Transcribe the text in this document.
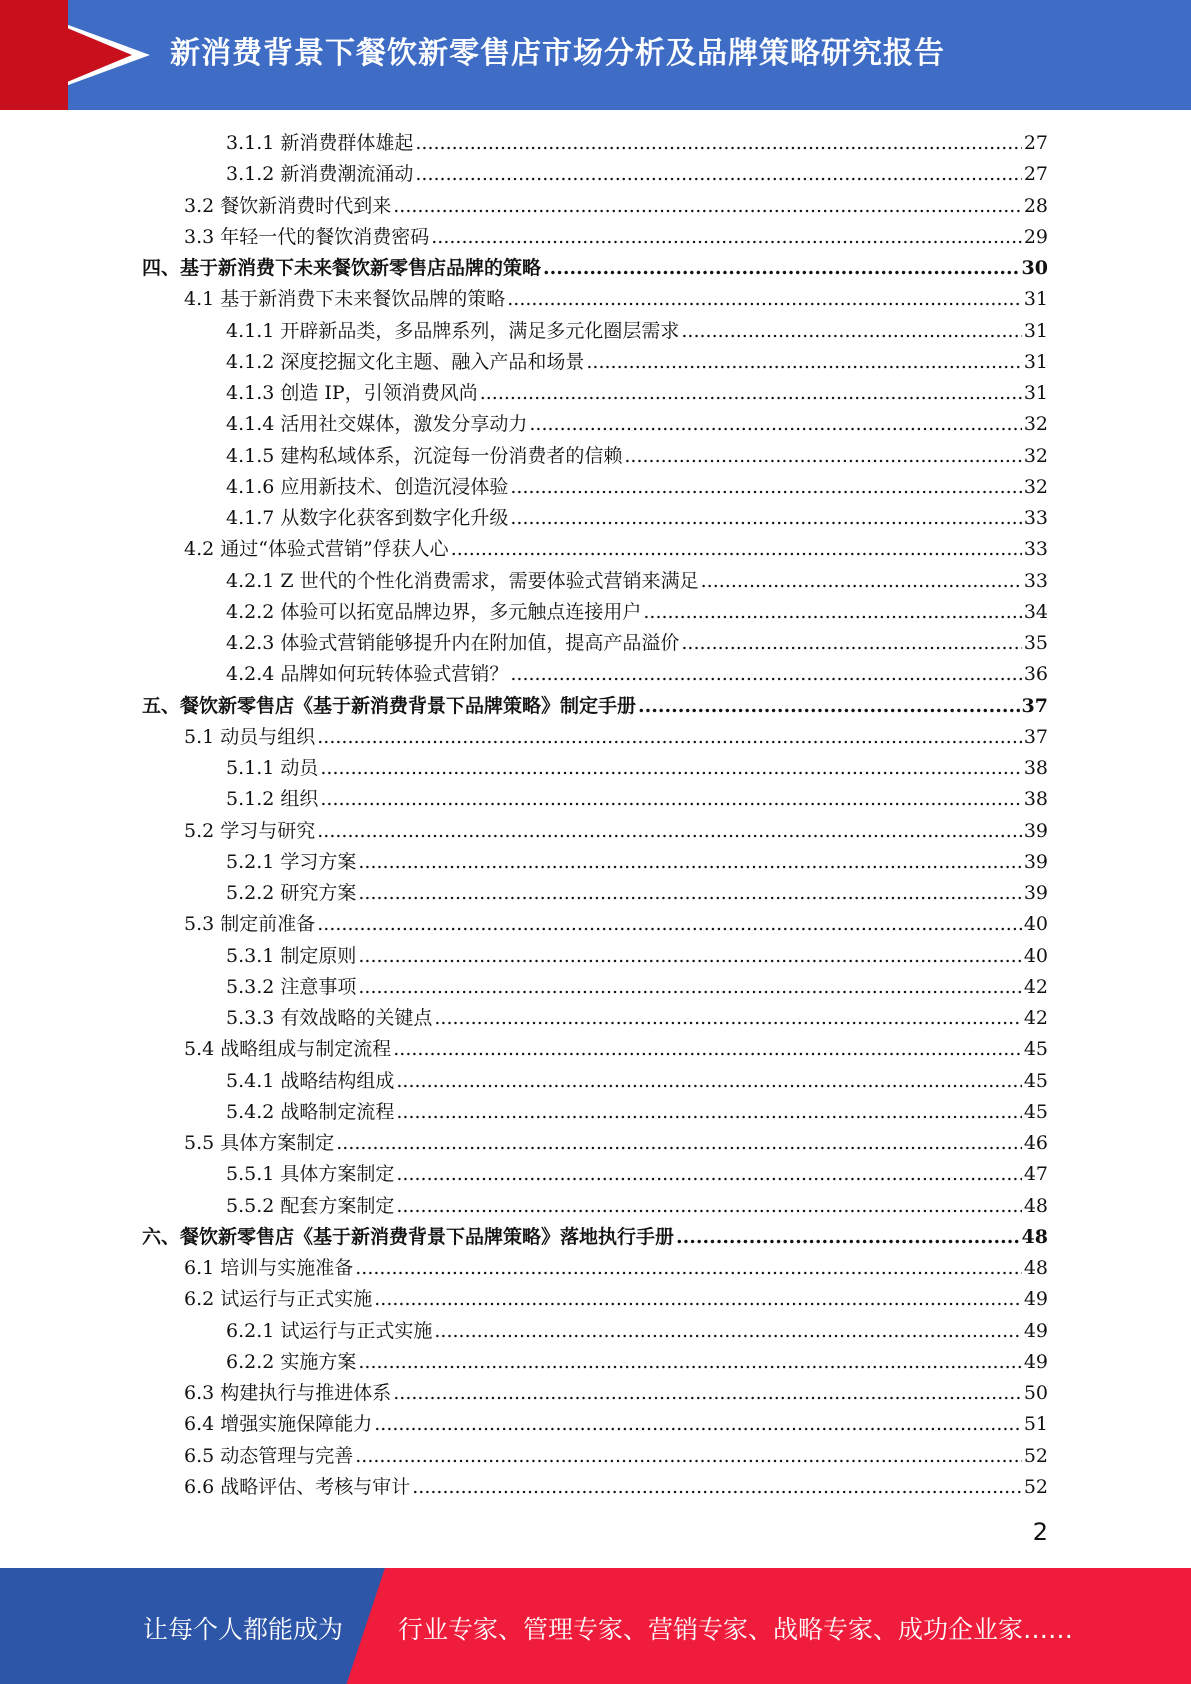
新消费背景下餐饮新零售店市场分析及品牌策略研究报告
3.1.1 新消费群体雄起 .....	27
3.1.2 新消费潮流涌动 .....	27
3.2 餐饮新消费时代到来 .....	28
3.3 年轻一代的餐饮消费密码 .....	29
四、基于新消费下未来餐饮新零售店品牌的策略 .....	30
4.1 基于新消费下未来餐饮品牌的策略 .....	31
4.1.1 开辟新品类，多品牌系列，满足多元化圈层需求 .....	31
4.1.2 深度挖掘文化主题、融入产品和场景 .....	31
4.1.3 创造 IP，引领消费风尚 .....	31
4.1.4 活用社交媒体，激发分享动力 .....	32
4.1.5 建构私域体系，沉淀每一份消费者的信赖 .....	32
4.1.6 应用新技术、创造沉浸体验 .....	32
4.1.7 从数字化获客到数字化升级 .....	33
4.2 通过“体验式营销”俘获人心 .....	33
4.2.1 Z 世代的个性化消费需求，需要体验式营销来满足 .....	33
4.2.2 体验可以拓宽品牌边界，多元触点连接用户 .....	34
4.2.3 体验式营销能够提升内在附加值，提高产品溢价 .....	35
4.2.4 品牌如何玩转体验式营销？ .....	36
五、餐饮新零售店《基于新消费背景下品牌策略》制定手册 .....	37
5.1 动员与组织 .....	37
5.1.1 动员 .....	38
5.1.2 组织 .....	38
5.2 学习与研究 .....	39
5.2.1 学习方案 .....	39
5.2.2 研究方案 .....	39
5.3 制定前准备 .....	40
5.3.1 制定原则 .....	40
5.3.2 注意事项 .....	42
5.3.3 有效战略的关键点 .....	42
5.4 战略组成与制定流程 .....	45
5.4.1 战略结构组成 .....	45
5.4.2 战略制定流程 .....	45
5.5 具体方案制定 .....	46
5.5.1 具体方案制定 .....	47
5.5.2 配套方案制定 .....	48
六、餐饮新零售店《基于新消费背景下品牌策略》落地执行手册 .....	48
6.1 培训与实施准备 .....	48
6.2 试运行与正式实施 .....	49
6.2.1 试运行与正式实施 .....	49
6.2.2 实施方案 .....	49
6.3 构建执行与推进体系 .....	50
6.4 增强实施保障能力 .....	51
6.5 动态管理与完善 .....	52
6.6 战略评估、考核与审计 .....	52
2
让每个人都能成为 行业专家、管理专家、营销专家、战略专家、成功企业家……
